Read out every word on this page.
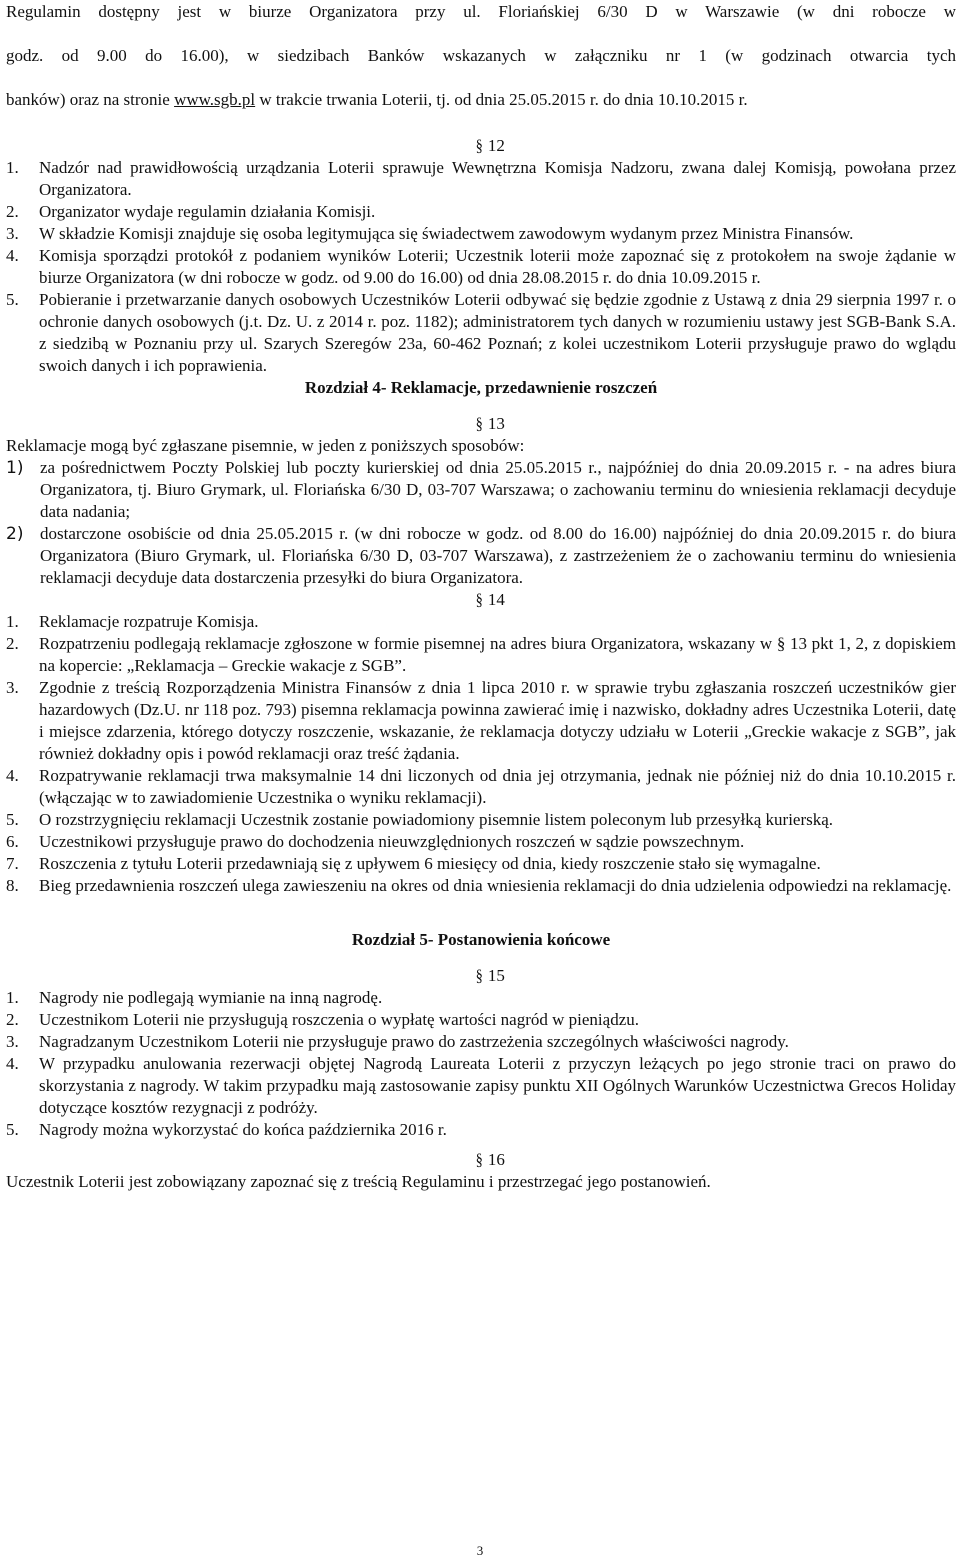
Regulamin dostępny jest w biurze Organizatora przy ul. Floriańskiej 6/30 D w Warszawie (w dni robocze w

godz. od 9.00 do 16.00), w siedzibach Banków wskazanych w załączniku nr 1 (w godzinach otwarcia tych

banków) oraz na stronie www.sgb.pl w trakcie trwania Loterii, tj. od dnia 25.05.2015 r. do dnia 10.10.2015 r.

§ 12

1.	Nadzór nad prawidłowością urządzania Loterii sprawuje Wewnętrzna Komisja Nadzoru, zwana dalej Komisją, powołana przez Organizatora.
2.	Organizator wydaje regulamin działania Komisji.
3.	W składzie Komisji znajduje się osoba legitymująca się świadectwem zawodowym wydanym przez Ministra Finansów.
4.	Komisja sporządzi protokół z podaniem wyników Loterii; Uczestnik loterii może zapoznać się z protokołem na swoje żądanie w biurze Organizatora (w dni robocze w godz. od 9.00 do 16.00) od dnia 28.08.2015 r. do dnia 10.09.2015 r.
5.	Pobieranie i przetwarzanie danych osobowych Uczestników Loterii odbywać się będzie zgodnie z Ustawą z dnia 29 sierpnia 1997 r. o ochronie danych osobowych (j.t. Dz. U. z 2014 r. poz. 1182); administratorem tych danych w rozumieniu ustawy jest SGB-Bank S.A. z siedzibą w Poznaniu przy ul. Szarych Szeregów 23a, 60-462 Poznań; z kolei uczestnikom Loterii przysługuje prawo do wglądu swoich danych i ich poprawienia.

Rozdział 4- Reklamacje, przedawnienie roszczeń

§ 13

Reklamacje mogą być zgłaszane pisemnie, w jeden z poniższych sposobów:

1) za pośrednictwem Poczty Polskiej lub poczty kurierskiej od dnia 25.05.2015 r., najpóźniej do dnia 20.09.2015 r. - na adres biura Organizatora, tj. Biuro Grymark, ul. Floriańska 6/30 D, 03-707 Warszawa; o zachowaniu terminu do wniesienia reklamacji decyduje data nadania;
2) dostarczone osobiście od dnia 25.05.2015 r. (w dni robocze w godz. od 8.00 do 16.00) najpóźniej do dnia 20.09.2015 r. do biura Organizatora (Biuro Grymark, ul. Floriańska 6/30 D, 03-707 Warszawa), z zastrzeżeniem że o zachowaniu terminu do wniesienia reklamacji decyduje data dostarczenia przesyłki do biura Organizatora.

§ 14

1.	Reklamacje rozpatruje Komisja.
2.	Rozpatrzeniu podlegają reklamacje zgłoszone w formie pisemnej na adres biura Organizatora, wskazany w § 13 pkt 1, 2, z dopiskiem na kopercie: „Reklamacja – Greckie wakacje z SGB”.
3.	Zgodnie z treścią Rozporządzenia Ministra Finansów z dnia 1 lipca 2010 r. w sprawie trybu zgłaszania roszczeń uczestników gier hazardowych (Dz.U. nr 118 poz. 793) pisemna reklamacja powinna zawierać imię i nazwisko, dokładny adres Uczestnika Loterii, datę i miejsce zdarzenia, którego dotyczy roszczenie, wskazanie, że reklamacja dotyczy udziału w Loterii „Greckie wakacje z SGB”, jak również dokładny opis i powód reklamacji oraz treść żądania.
4.	Rozpatrywanie reklamacji trwa maksymalnie 14 dni liczonych od dnia jej otrzymania, jednak nie później niż do dnia 10.10.2015 r. (włączając w to zawiadomienie Uczestnika o wyniku reklamacji).
5.	O rozstrzygnięciu reklamacji Uczestnik zostanie powiadomiony pisemnie listem poleconym lub przesyłką kurierską.
6.	Uczestnikowi przysługuje prawo do dochodzenia nieuwzględnionych roszczeń w sądzie powszechnym.
7.	Roszczenia z tytułu Loterii przedawniają się z upływem 6 miesięcy od dnia, kiedy roszczenie stało się wymagalne.
8.	Bieg przedawnienia roszczeń ulega zawieszeniu na okres od dnia wniesienia reklamacji do dnia udzielenia odpowiedzi na reklamację.

Rozdział 5- Postanowienia końcowe

§ 15

1.	Nagrody nie podlegają wymianie na inną nagrodę.
2.	Uczestnikom Loterii nie przysługują roszczenia o wypłatę wartości nagród w pieniądzu.
3.	Nagradzanym Uczestnikom Loterii nie przysługuje prawo do zastrzeżenia szczególnych właściwości nagrody.
4.	W przypadku anulowania rezerwacji objętej Nagrodą Laureata Loterii z przyczyn leżących po jego stronie traci on prawo do skorzystania z nagrody. W takim przypadku mają zastosowanie zapisy punktu XII Ogólnych Warunków Uczestnictwa Grecos Holiday dotyczące kosztów rezygnacji z podróży.
5.	Nagrody można wykorzystać do końca października 2016 r.

§ 16

Uczestnik Loterii jest zobowiązany zapoznać się z treścią Regulaminu i przestrzegać jego postanowień.

3
